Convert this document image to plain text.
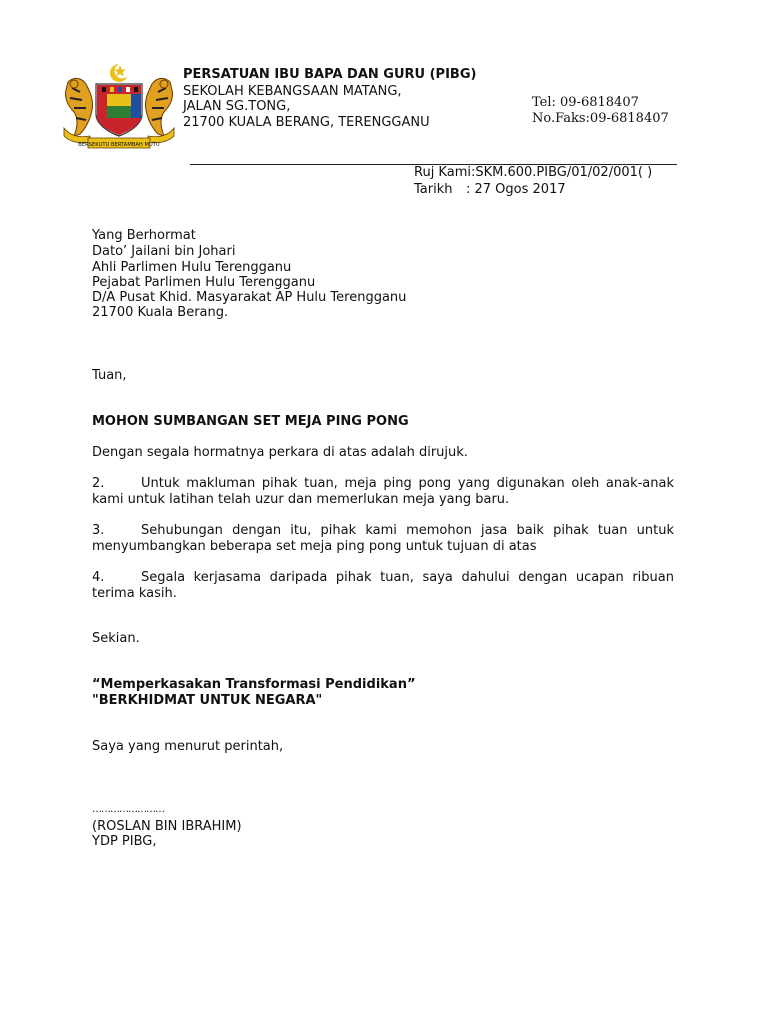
BERSEKUTU BERTAMBAH MUTU
PERSATUAN IBU BAPA DAN GURU (PIBG)
SEKOLAH KEBANGSAAN MATANG,
JALAN SG.TONG,
21700 KUALA BERANG, TERENGGANU
Tel: 09-6818407
No.Faks:09-6818407
Ruj Kami:SKM.600.PIBG/01/02/001( )
Tarikh : 27 Ogos 2017
Yang Berhormat
Dato’ Jailani bin Johari
Ahli Parlimen Hulu Terengganu
Pejabat Parlimen Hulu Terengganu
D/A Pusat Khid. Masyarakat AP Hulu Terengganu
21700 Kuala Berang.
Tuan,
MOHON SUMBANGAN SET MEJA PING PONG
Dengan segala hormatnya perkara di atas adalah dirujuk.
2.	Untuk makluman pihak tuan, meja ping pong yang digunakan oleh anak-anak kami untuk latihan telah uzur dan memerlukan meja yang baru.
3.	Sehubungan dengan itu, pihak kami memohon jasa baik pihak tuan untuk menyumbangkan beberapa set meja ping pong untuk tujuan di atas
4.	Segala kerjasama daripada pihak tuan, saya dahului dengan ucapan ribuan terima kasih.
Sekian.
“Memperkasakan Transformasi Pendidikan”
"BERKHIDMAT UNTUK NEGARA"
Saya yang menurut perintah,
……………………
(ROSLAN BIN IBRAHIM)
YDP PIBG,
